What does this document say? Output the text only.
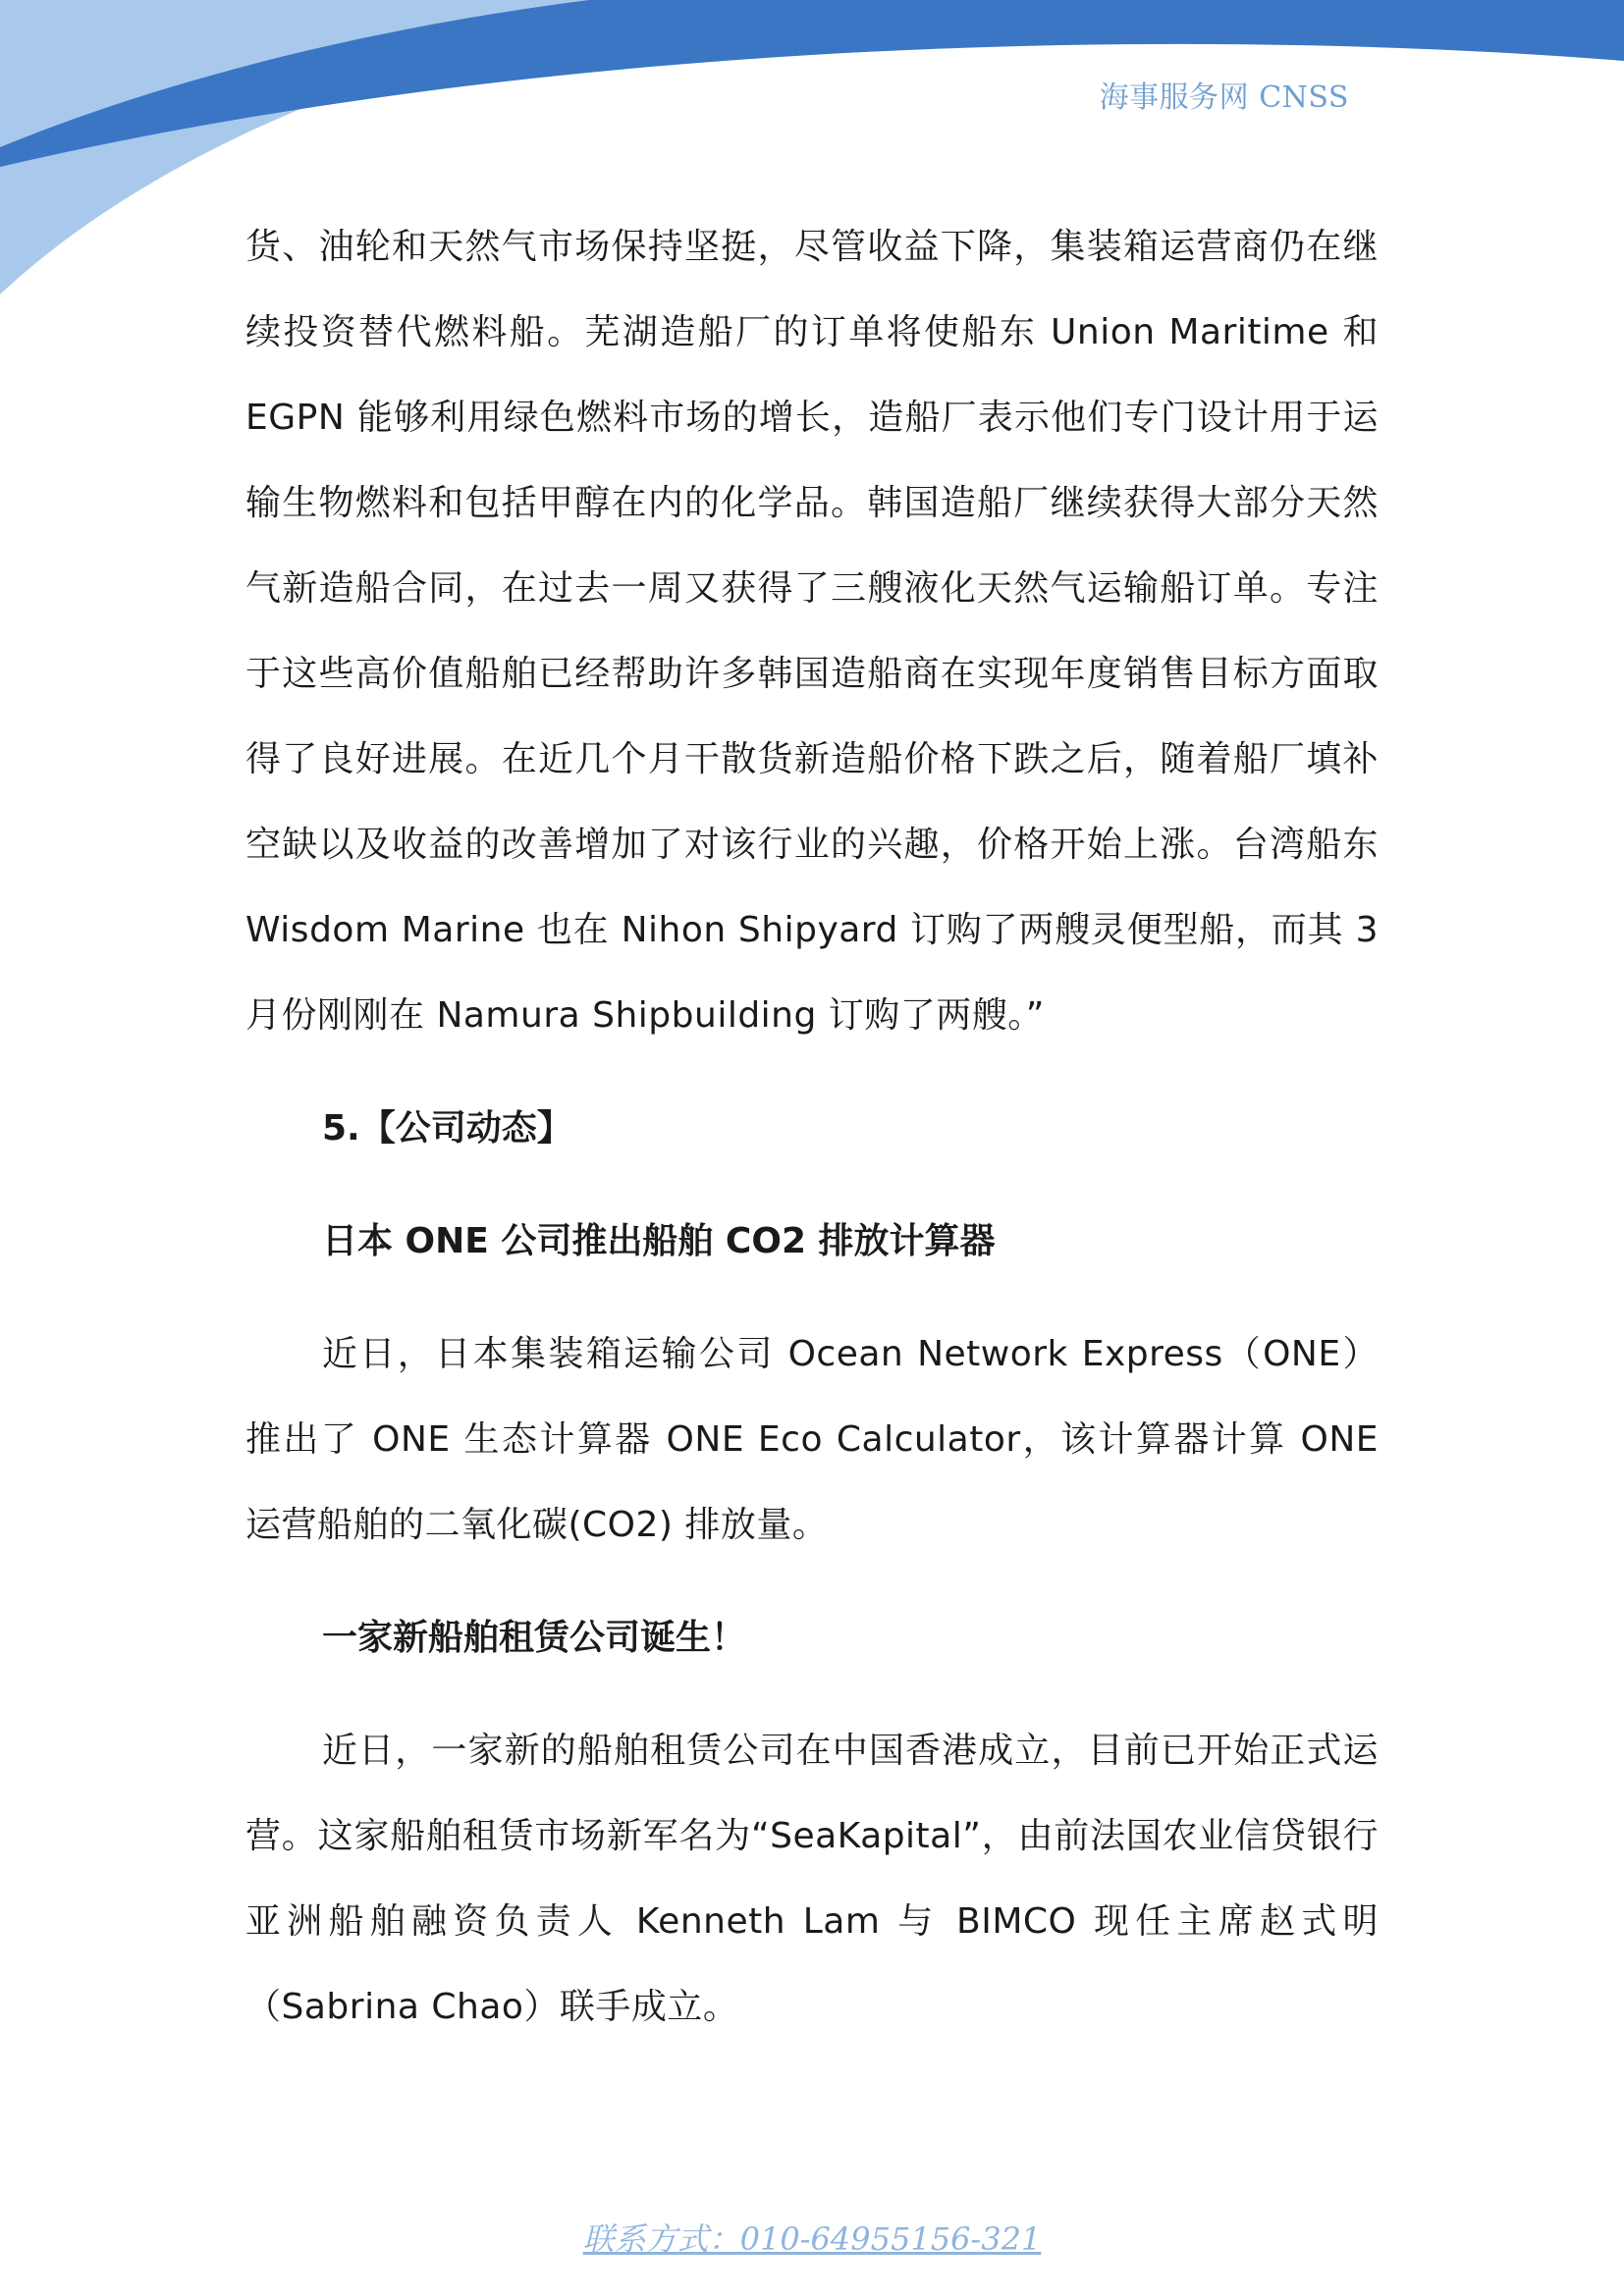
海事服务网 CNSS

货、油轮和天然气市场保持坚挺，尽管收益下降，集装箱运营商仍在继续投资替代燃料船。芜湖造船厂的订单将使船东 Union Maritime 和 EGPN 能够利用绿色燃料市场的增长，造船厂表示他们专门设计用于运输生物燃料和包括甲醇在内的化学品。韩国造船厂继续获得大部分天然气新造船合同，在过去一周又获得了三艘液化天然气运输船订单。专注于这些高价值船舶已经帮助许多韩国造船商在实现年度销售目标方面取得了良好进展。在近几个月干散货新造船价格下跌之后，随着船厂填补空缺以及收益的改善增加了对该行业的兴趣，价格开始上涨。台湾船东 Wisdom Marine 也在 Nihon Shipyard 订购了两艘灵便型船，而其 3 月份刚刚在 Namura Shipbuilding 订购了两艘。”

5.【公司动态】

日本 ONE 公司推出船舶 CO2 排放计算器

近日，日本集装箱运输公司 Ocean Network Express（ONE）推出了 ONE 生态计算器 ONE Eco Calculator，该计算器计算 ONE 运营船舶的二氧化碳(CO2) 排放量。

一家新船舶租赁公司诞生！

近日，一家新的船舶租赁公司在中国香港成立，目前已开始正式运营。这家船舶租赁市场新军名为“SeaKapital”，由前法国农业信贷银行亚洲船舶融资负责人 Kenneth Lam 与 BIMCO 现任主席赵式明（Sabrina Chao）联手成立。

联系方式：010-64955156-321
